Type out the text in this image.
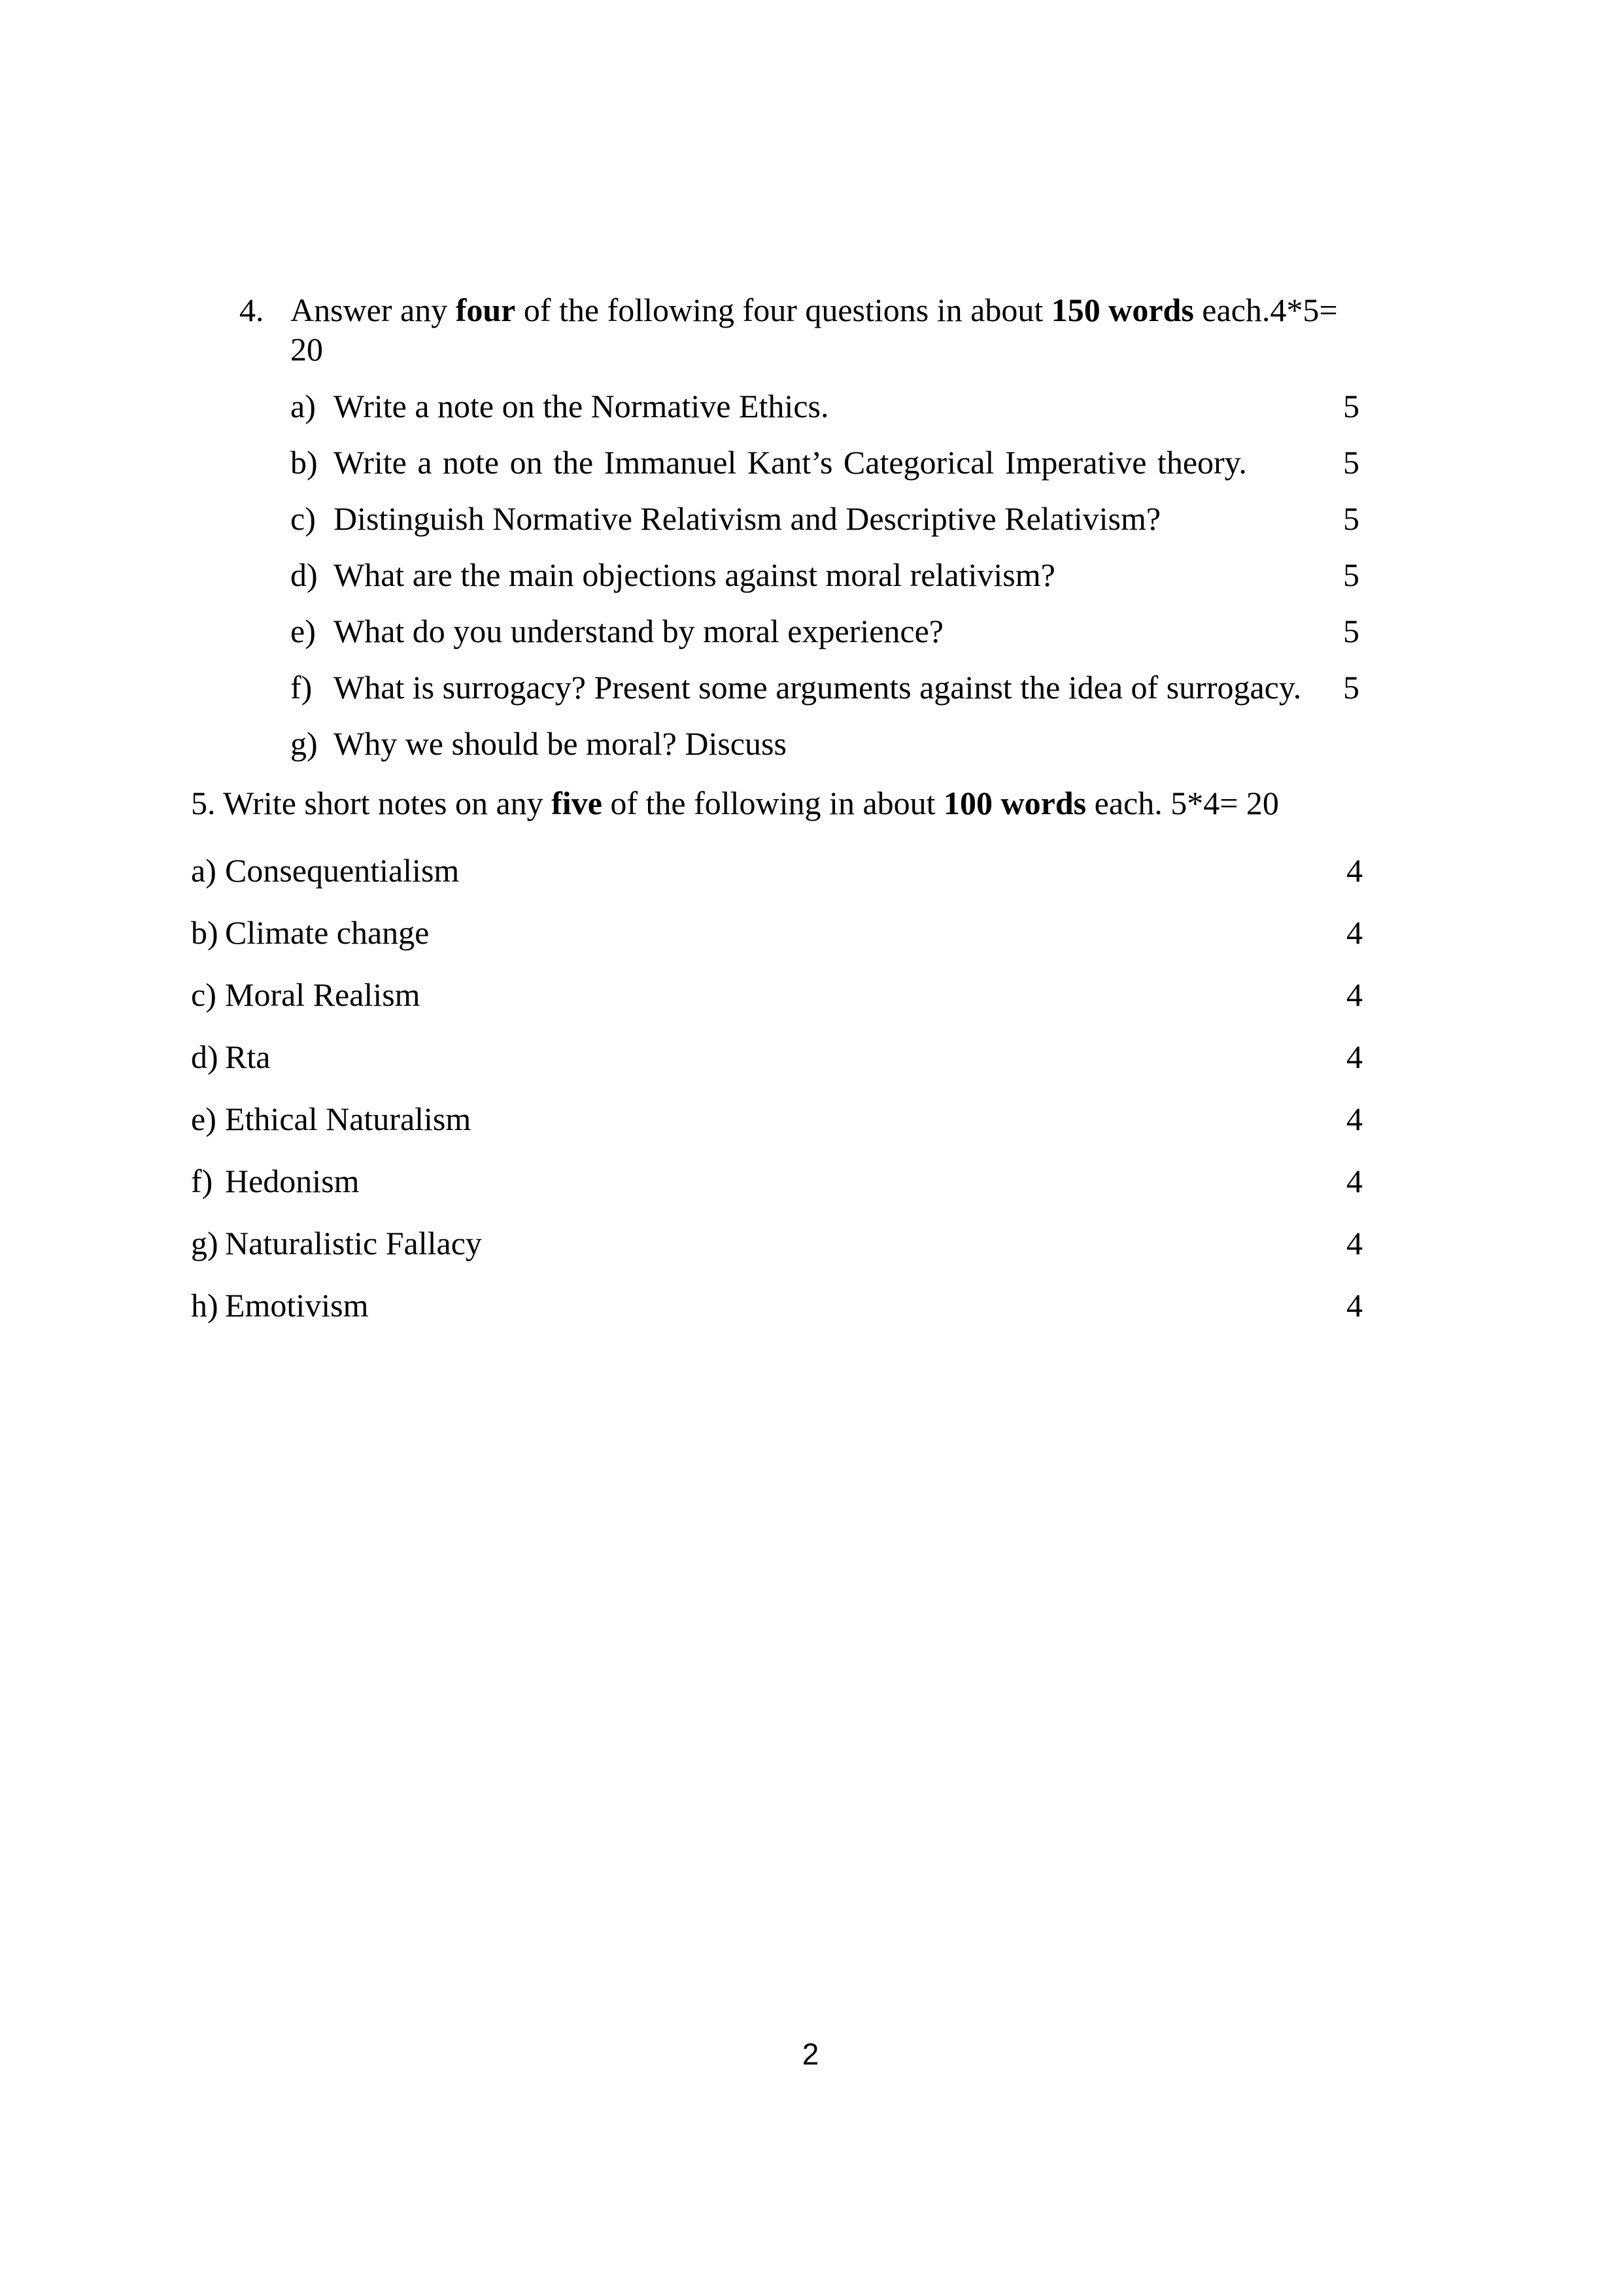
4. Answer any four of the following four questions in about 150 words each.4*5= 20
a) Write a note on the Normative Ethics.	5
b) Write a note on the Immanuel Kant’s Categorical Imperative theory.	5
c) Distinguish Normative Relativism and Descriptive Relativism?	5
d) What are the main objections against moral relativism?	5
e) What do you understand by moral experience?	5
f) What is surrogacy? Present some arguments against the idea of surrogacy.	5
g) Why we should be moral? Discuss
5. Write short notes on any five of the following in about 100 words each. 5*4= 20
a) Consequentialism	4
b) Climate change	4
c) Moral Realism	4
d) Rta	4
e) Ethical Naturalism	4
f) Hedonism	4
g) Naturalistic Fallacy	4
h) Emotivism	4
2
